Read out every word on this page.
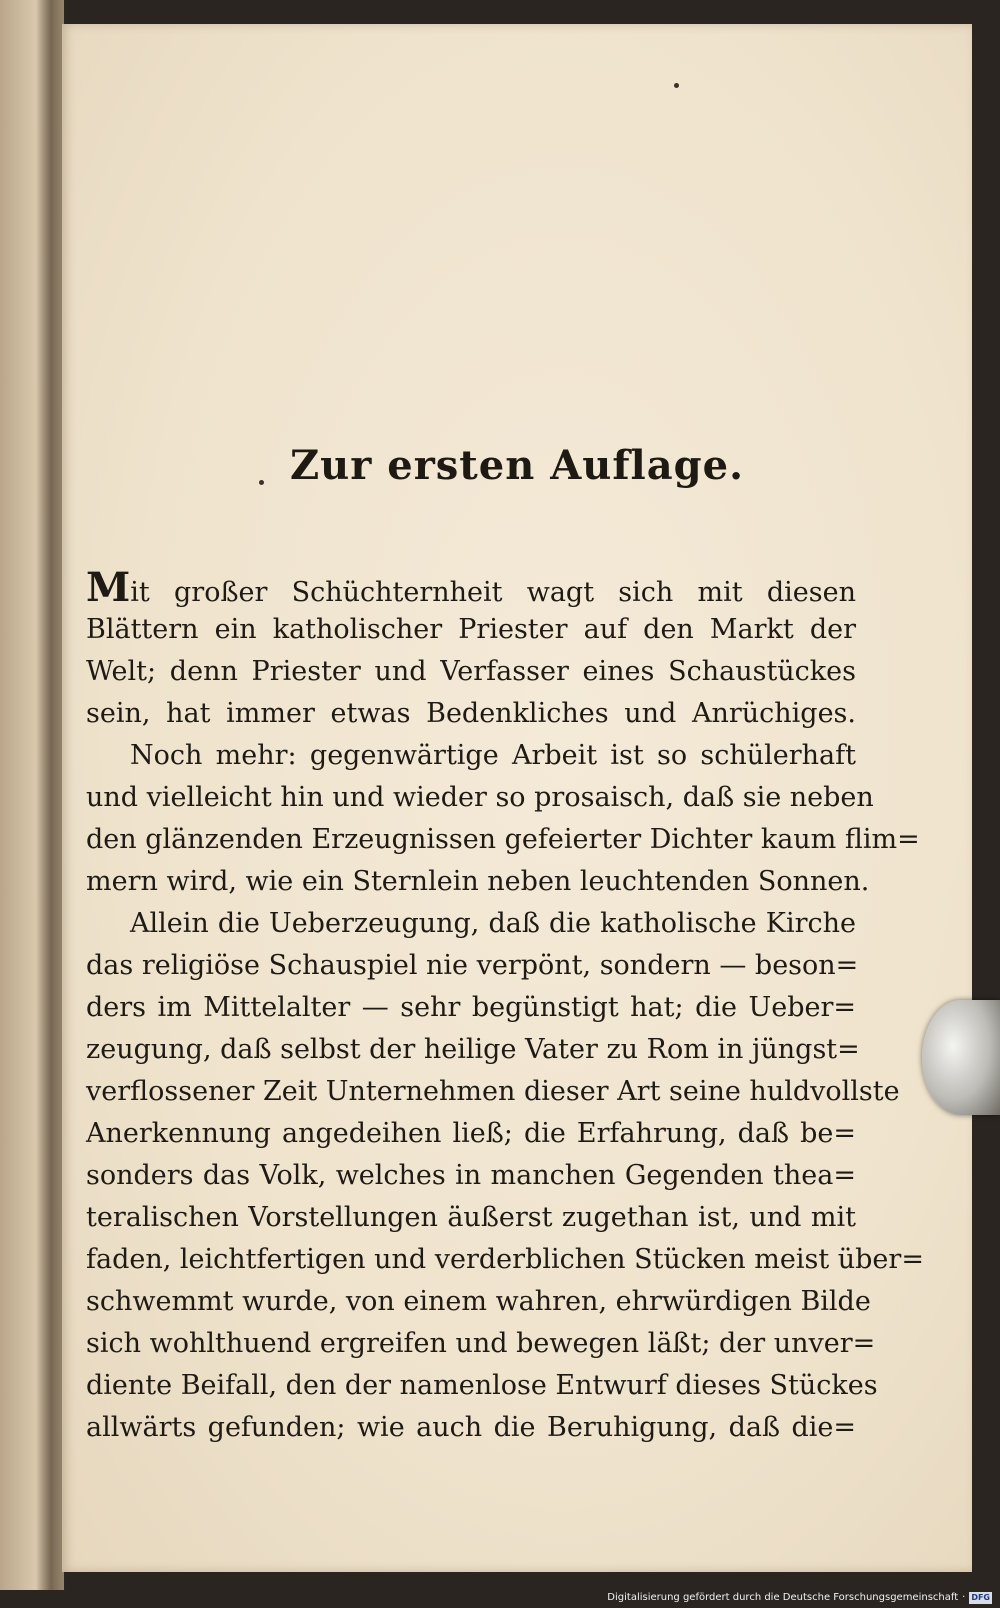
Zur ersten Auflage.
Mit großer Schüchternheit wagt sich mit diesen
Blättern ein katholischer Priester auf den Markt der
Welt; denn Priester und Verfasser eines Schaustückes
sein, hat immer etwas Bedenkliches und Anrüchiges.
Noch mehr: gegenwärtige Arbeit ist so schülerhaft
und vielleicht hin und wieder so prosaisch, daß sie neben
den glänzenden Erzeugnissen gefeierter Dichter kaum flim=
mern wird, wie ein Sternlein neben leuchtenden Sonnen.
Allein die Ueberzeugung, daß die katholische Kirche
das religiöse Schauspiel nie verpönt, sondern — beson=
ders im Mittelalter — sehr begünstigt hat; die Ueber=
zeugung, daß selbst der heilige Vater zu Rom in jüngst=
verflossener Zeit Unternehmen dieser Art seine huldvollste
Anerkennung angedeihen ließ; die Erfahrung, daß be=
sonders das Volk, welches in manchen Gegenden thea=
teralischen Vorstellungen äußerst zugethan ist, und mit
faden, leichtfertigen und verderblichen Stücken meist über=
schwemmt wurde, von einem wahren, ehrwürdigen Bilde
sich wohlthuend ergreifen und bewegen läßt; der unver=
diente Beifall, den der namenlose Entwurf dieses Stückes
allwärts gefunden; wie auch die Beruhigung, daß die=
Digitalisierung gefördert durch die Deutsche Forschungsgemeinschaft · DFG
